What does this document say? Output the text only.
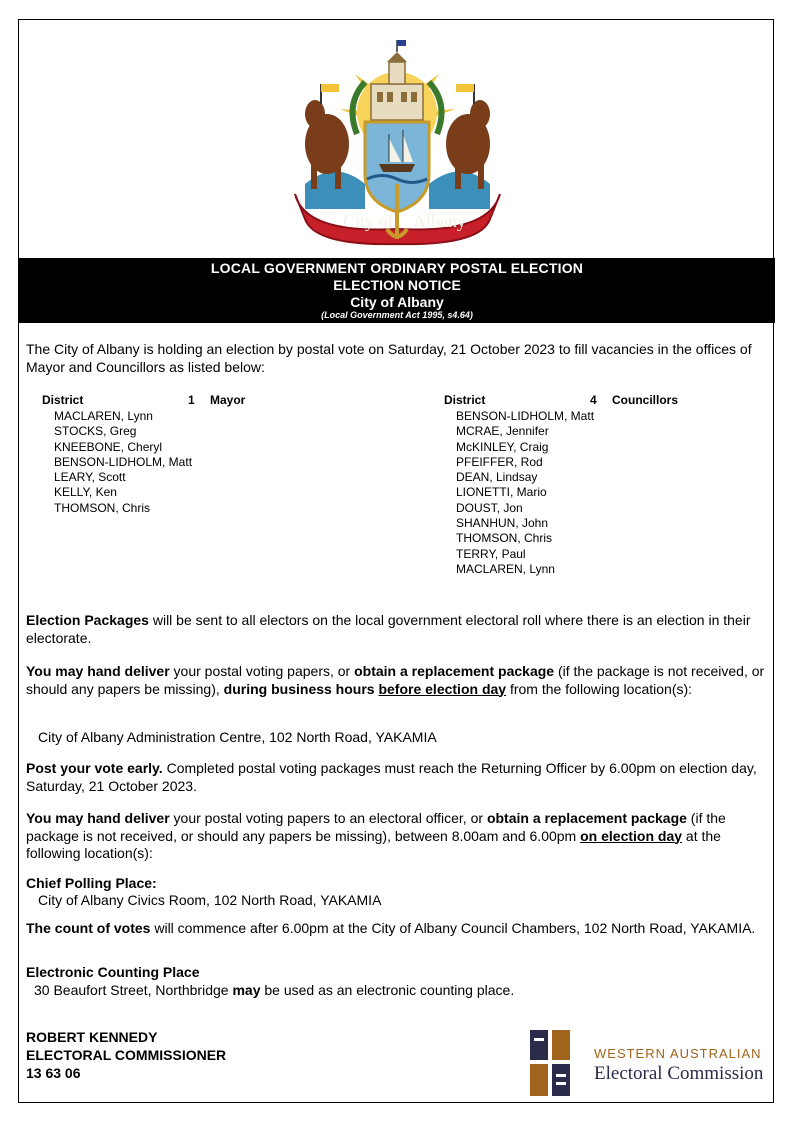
City of Albany
LOCAL GOVERNMENT ORDINARY POSTAL ELECTION
ELECTION NOTICE
City of Albany
(Local Government Act 1995, s4.64)
The City of Albany is holding an election by postal vote on Saturday, 21 October 2023 to fill vacancies in the offices of Mayor and Councillors as listed below:
District	1 Mayor
MACLAREN, Lynn
STOCKS, Greg
KNEEBONE, Cheryl
BENSON-LIDHOLM, Matt
LEARY, Scott
KELLY, Ken
THOMSON, Chris
District	4 Councillors
BENSON-LIDHOLM, Matt
MCRAE, Jennifer
McKINLEY, Craig
PFEIFFER, Rod
DEAN, Lindsay
LIONETTI, Mario
DOUST, Jon
SHANHUN, John
THOMSON, Chris
TERRY, Paul
MACLAREN, Lynn
Election Packages will be sent to all electors on the local government electoral roll where there is an election in their electorate.
You may hand deliver your postal voting papers, or obtain a replacement package (if the package is not received, or should any papers be missing), during business hours before election day from the following location(s):
City of Albany Administration Centre, 102 North Road, YAKAMIA
Post your vote early. Completed postal voting packages must reach the Returning Officer by 6.00pm on election day, Saturday, 21 October 2023.
You may hand deliver your postal voting papers to an electoral officer, or obtain a replacement package (if the package is not received, or should any papers be missing), between 8.00am and 6.00pm on election day at the following location(s):
Chief Polling Place:
City of Albany Civics Room, 102 North Road, YAKAMIA
The count of votes will commence after 6.00pm at the City of Albany Council Chambers, 102 North Road, YAKAMIA.
Electronic Counting Place
30 Beaufort Street, Northbridge may be used as an electronic counting place.
ROBERT KENNEDY
ELECTORAL COMMISSIONER
13 63 06
WESTERN AUSTRALIAN
Electoral Commission
